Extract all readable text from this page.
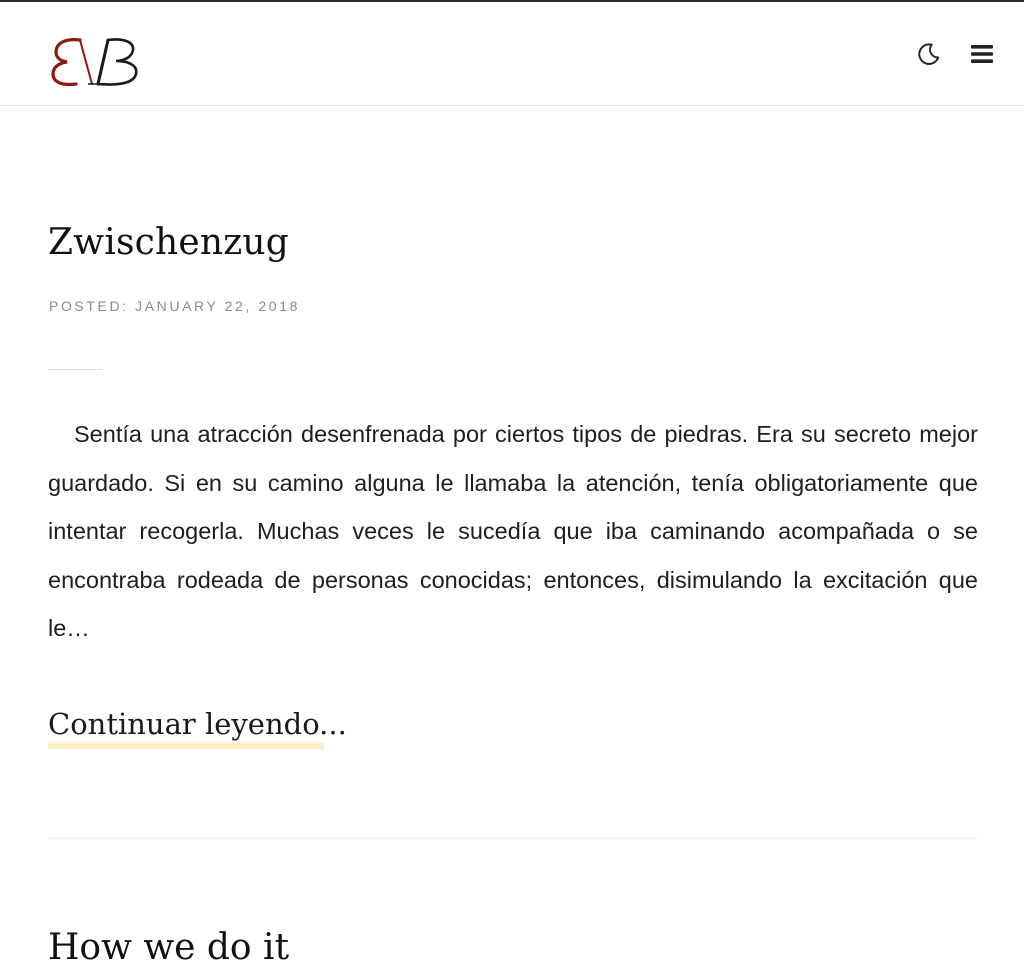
Zwischenzug
POSTED: JANUARY 22, 2018

Sentía una atracción desenfrenada por ciertos tipos de piedras. Era su secreto mejor guardado. Si en su camino alguna le llamaba la atención, tenía obligatoriamente que intentar recogerla. Muchas veces le sucedía que iba caminando acompañada o se encontraba rodeada de personas conocidas; entonces, disimulando la excitación que le…

Continuar leyendo...
How we do it
